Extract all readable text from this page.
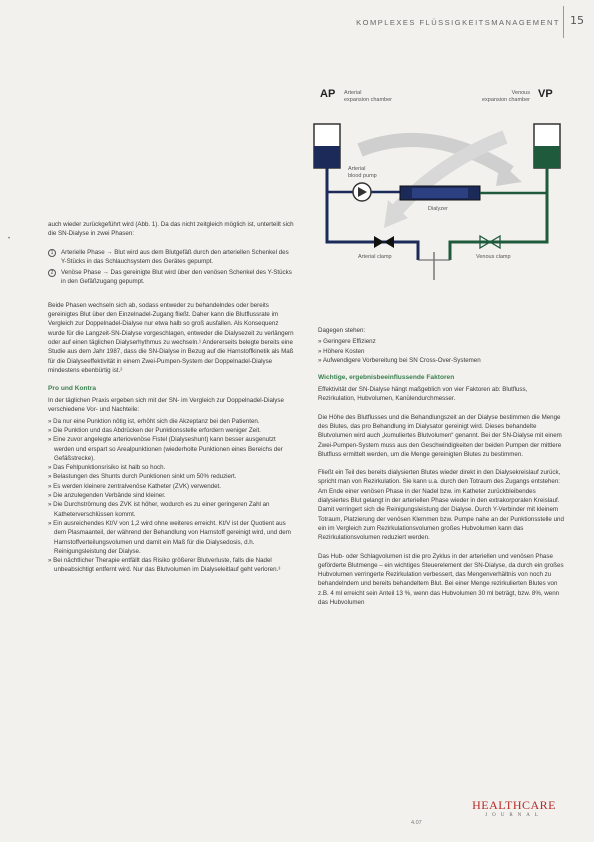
KOMPLEXES FLÜSSIGKEITSMANAGEMENT 15
AP	VP
Arterial
expansion chamber
Venous
expansion chamber
Arterial
blood pump
Dialyzer
Arterial clamp	Venous clamp
•

auch wieder zurückgeführt wird (Abb. 1). Da das nicht zeitgleich möglich ist, unterteilt sich die SN-Dialyse in zwei Phasen:

1	Arterielle Phase → Blut wird aus dem Blutgefäß durch den arteriellen Schenkel des Y-Stücks in das Schlauchsystem des Gerätes gepumpt.
2	Venöse Phase → Das gereinigte Blut wird über den venösen Schenkel des Y-Stücks in den Gefäßzugang gepumpt.

Beide Phasen wechseln sich ab, sodass entweder zu behandelndes oder bereits gereinigtes Blut über den Einzelnadel-Zugang fließt. Daher kann die Blutflussrate im Vergleich zur Doppelnadel-Dialyse nur etwa halb so groß ausfallen. Als Konsequenz wurde für die Langzeit-SN-Dialyse vorgeschlagen, entweder die Dialysezeit zu verlängern oder auf einen täglichen Dialyserhythmus zu wechseln.¹ Andererseits belegte bereits eine Studie aus dem Jahr 1987, dass die SN-Dialyse in Bezug auf die Harnstoffkinetik als Maß für die Dialyseeffektivität in einem Zwei-Pumpen-System der Doppelnadel-Dialyse mindestens ebenbürtig ist.²

Pro und Kontra

In der täglichen Praxis ergeben sich mit der SN- im Vergleich zur Doppelnadel-Dialyse verschiedene Vor- und Nachteile:

» Da nur eine Punktion nötig ist, erhöht sich die Akzeptanz bei den Patienten.
» Die Punktion und das Abdrücken der Punktionsstelle erfordern weniger Zeit.
» Eine zuvor angelegte arteriovenöse Fistel (Dialyseshunt) kann besser ausgenutzt werden und erspart so Arealpunktionen (wiederholte Punktionen eines Bereichs der Gefäßstrecke).
» Das Fehlpunktionsrisiko ist halb so hoch.
» Belastungen des Shunts durch Punktionen sinkt um 50% reduziert.
» Es werden kleinere zentralvenöse Katheter (ZVK) verwendet.
» Die anzulegenden Verbände sind kleiner.
» Die Durchströmung des ZVK ist höher, wodurch es zu einer geringeren Zahl an Katheterverschlüssen kommt.
» Ein ausreichendes Kt/V von 1,2 wird ohne weiteres erreicht. Kt/V ist der Quotient aus dem Plasmaanteil, der während der Behandlung von Harnstoff gereinigt wird, und dem Harnstoffverteilungsvolumen und damit ein Maß für die Dialysedosis, d.h. Reinigungsleistung der Dialyse.
» Bei nächtlicher Therapie entfällt das Risiko größerer Blutverluste, falls die Nadel unbeabsichtigt entfernt wird. Nur das Blutvolumen im Dialyseleitlauf geht verloren.³

Dagegen stehen:

» Geringere Effizienz
» Höhere Kosten
» Aufwendigere Vorbereitung bei SN Cross-Over-Systemen
Wichtige, ergebnisbeeinflussende Faktoren

Effektivität der SN-Dialyse hängt maßgeblich von vier Faktoren ab: Blutfluss, Rezirkulation, Hubvolumen, Kanülendurchmesser.

Die Höhe des Blutflusses und die Behandlungszeit an der Dialyse bestimmen die Menge des Blutes, das pro Behandlung im Dialysator gereinigt wird. Dieses behandelte Blutvolumen wird auch „kumuliertes Blutvolumen“ genannt. Bei der SN-Dialyse mit einem Zwei-Pumpen-System muss aus den Geschwindigkeiten der beiden Pumpen der mittlere Blutfluss ermittelt werden, um die Menge gereinigten Blutes zu bestimmen.

Fließt ein Teil des bereits dialysierten Blutes wieder direkt in den Dialysekreislauf zurück, spricht man von Rezirkulation. Sie kann u.a. durch den Totraum des Zugangs entstehen: Am Ende einer venösen Phase in der Nadel bzw. im Katheter zurückbleibendes dialysiertes Blut gelangt in der arteriellen Phase wieder in den extrakorporalen Kreislauf. Damit verringert sich die Reinigungsleistung der Dialyse. Durch Y-Verbinder mit kleinem Totraum, Platzierung der venösen Klemmen bzw. Pumpe nahe an der Punktionsstelle und ein im Vergleich zum Rezirkulationsvolumen großes Hubvolumen kann das Rezirkulationsvolumen reduziert werden.

Das Hub- oder Schlagvolumen ist die pro Zyklus in der arteriellen und venösen Phase geförderte Blutmenge – ein wichtiges Steuerelement der SN-Dialyse, da durch ein großes Hubvolumen verringerte Rezirkulation verbessert, das Mengenverhältnis von noch zu behandelndem und bereits behandeltem Blut. Bei einer Menge rezirkulierten Blutes von z.B. 4 ml erreicht sein Anteil 13 %, wenn das Hubvolumen 30 ml beträgt, bzw. 8%, wenn das Hubvolumen

4.07
HEALTHCARE
JOURNAL
